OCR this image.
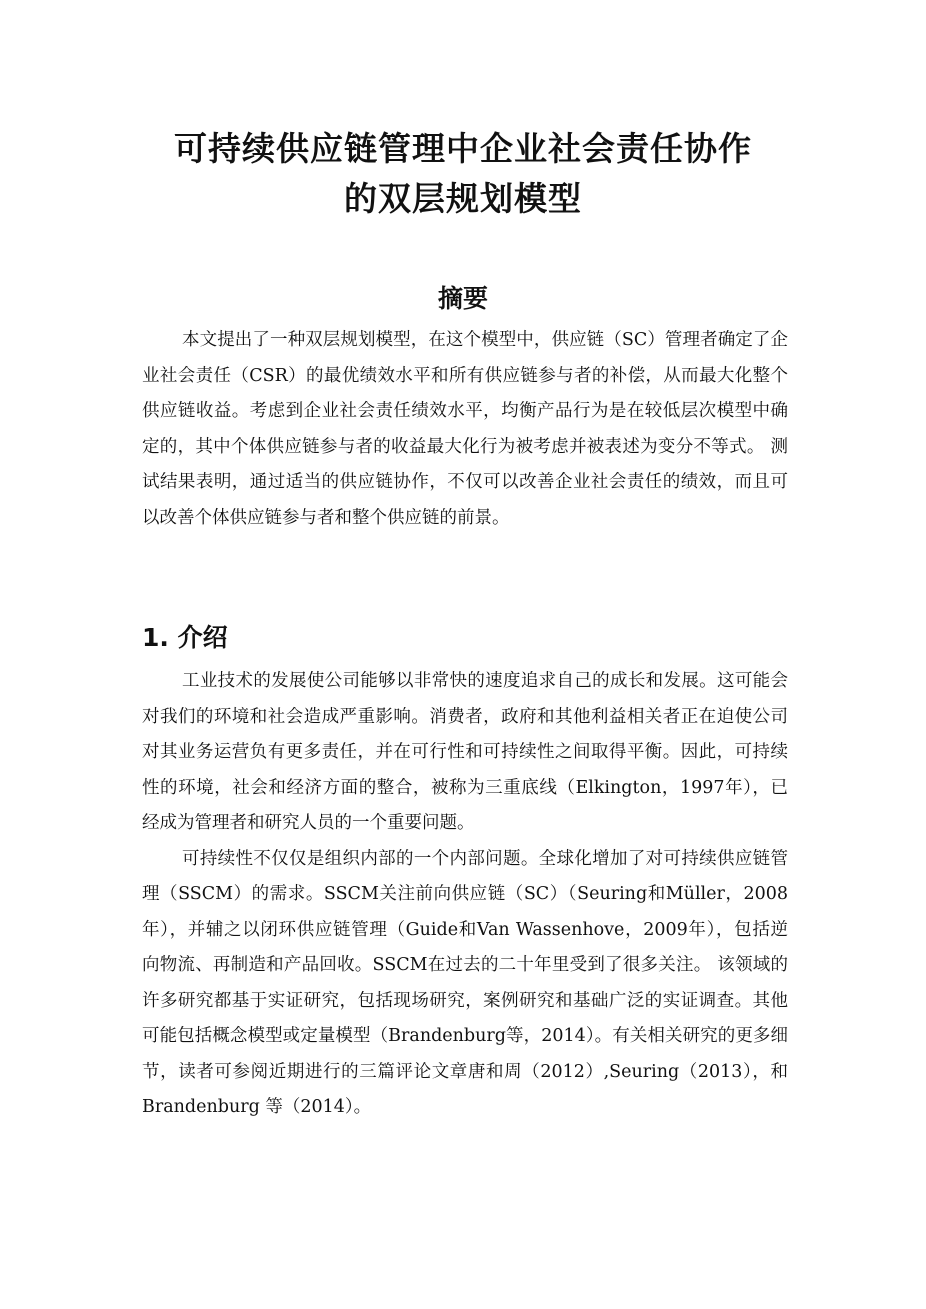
可持续供应链管理中企业社会责任协作
的双层规划模型
摘要

本文提出了一种双层规划模型，在这个模型中，供应链（SC）管理者确定了企业社会责任（CSR）的最优绩效水平和所有供应链参与者的补偿，从而最大化整个供应链收益。考虑到企业社会责任绩效水平，均衡产品行为是在较低层次模型中确定的，其中个体供应链参与者的收益最大化行为被考虑并被表述为变分不等式。 测试结果表明，通过适当的供应链协作，不仅可以改善企业社会责任的绩效，而且可以改善个体供应链参与者和整个供应链的前景。

1. 介绍

工业技术的发展使公司能够以非常快的速度追求自己的成长和发展。这可能会对我们的环境和社会造成严重影响。消费者，政府和其他利益相关者正在迫使公司对其业务运营负有更多责任，并在可行性和可持续性之间取得平衡。因此，可持续性的环境，社会和经济方面的整合，被称为三重底线（Elkington，1997年），已经成为管理者和研究人员的一个重要问题。

可持续性不仅仅是组织内部的一个内部问题。全球化增加了对可持续供应链管理（SSCM）的需求。SSCM关注前向供应链（SC）（Seuring和Müller，2008年），并辅之以闭环供应链管理（Guide和Van Wassenhove，2009年），包括逆向物流、再制造和产品回收。SSCM在过去的二十年里受到了很多关注。 该领域的许多研究都基于实证研究，包括现场研究，案例研究和基础广泛的实证调查。其他可能包括概念模型或定量模型（Brandenburg等，2014）。有关相关研究的更多细节，读者可参阅近期进行的三篇评论文章唐和周（2012）,Seuring（2013），和Brandenburg 等（2014）。
